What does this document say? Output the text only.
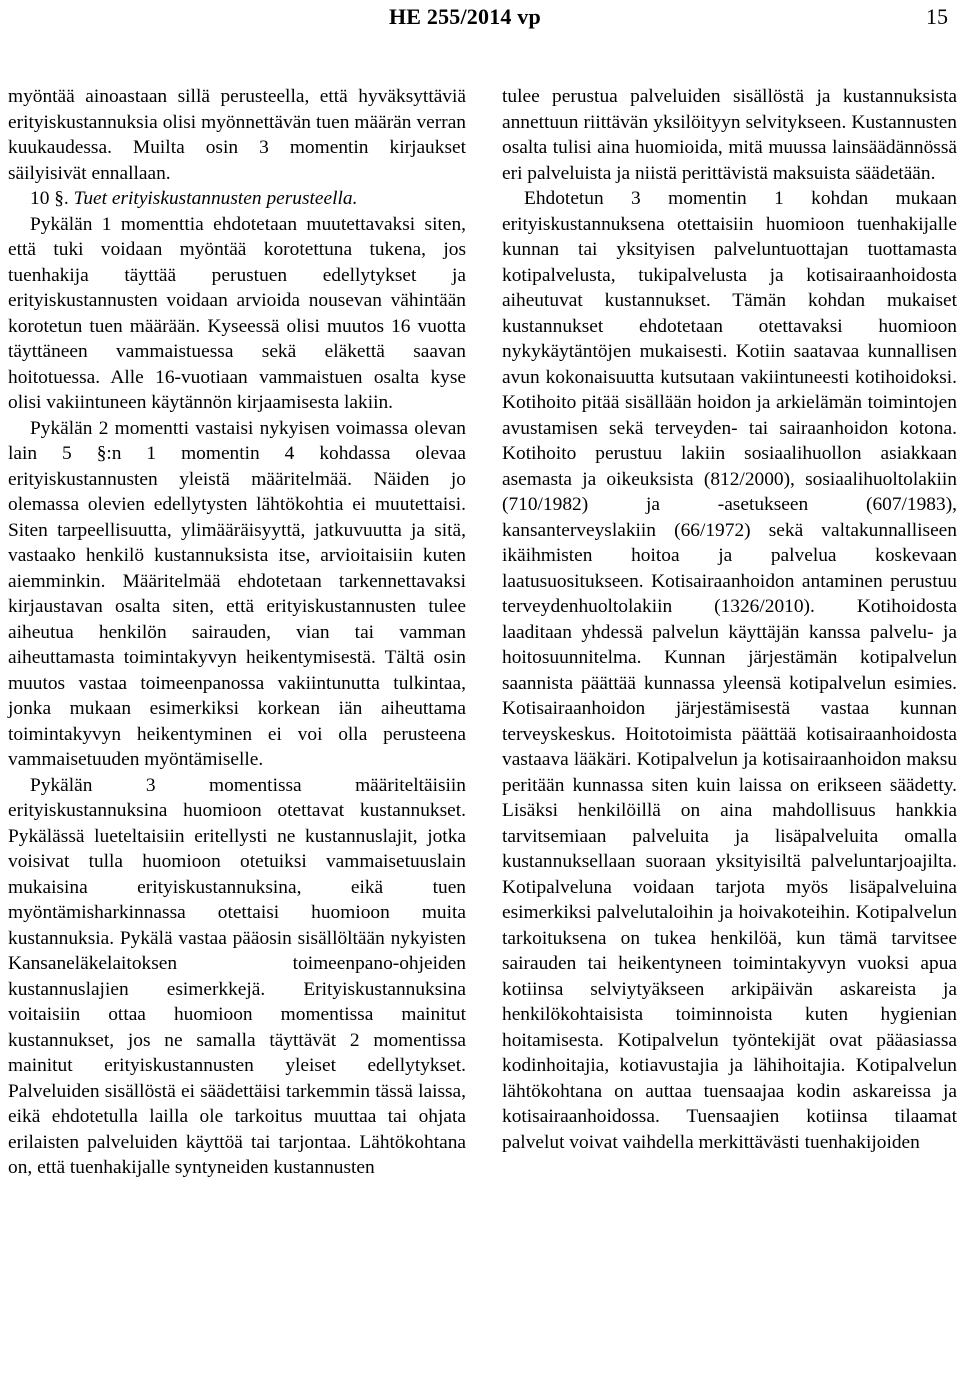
HE 255/2014 vp	15

myöntää ainoastaan sillä perusteella, että hyväksyttäviä erityiskustannuksia olisi myönnettävän tuen määrän verran kuukaudessa. Muilta osin 3 momentin kirjaukset säilyisivät ennallaan.

10 §. Tuet erityiskustannusten perusteella.

Pykälän 1 momenttia ehdotetaan muutettavaksi siten, että tuki voidaan myöntää korotettuna tukena, jos tuenhakija täyttää perustuen edellytykset ja erityiskustannusten voidaan arvioida nousevan vähintään korotetun tuen määrään. Kyseessä olisi muutos 16 vuotta täyttäneen vammaistuessa sekä eläkettä saavan hoitotuessa. Alle 16-vuotiaan vammaistuen osalta kyse olisi vakiintuneen käytännön kirjaamisesta lakiin.

Pykälän 2 momentti vastaisi nykyisen voimassa olevan lain 5 §:n 1 momentin 4 kohdassa olevaa erityiskustannusten yleistä määritelmää. Näiden jo olemassa olevien edellytysten lähtökohtia ei muutettaisi. Siten tarpeellisuutta, ylimääräisyyttä, jatkuvuutta ja sitä, vastaako henkilö kustannuksista itse, arvioitaisiin kuten aiemminkin. Määritelmää ehdotetaan tarkennettavaksi kirjaustavan osalta siten, että erityiskustannusten tulee aiheutua henkilön sairauden, vian tai vamman aiheuttamasta toimintakyvyn heikentymisestä. Tältä osin muutos vastaa toimeenpanossa vakiintunutta tulkintaa, jonka mukaan esimerkiksi korkean iän aiheuttama toimintakyvyn heikentyminen ei voi olla perusteena vammaisetuuden myöntämiselle.

Pykälän 3 momentissa määriteltäisiin erityiskustannuksina huomioon otettavat kustannukset. Pykälässä lueteltaisiin eritellysti ne kustannuslajit, jotka voisivat tulla huomioon otetuiksi vammaisetuuslain mukaisina erityiskustannuksina, eikä tuen myöntämisharkinnassa otettaisi huomioon muita kustannuksia. Pykälä vastaa pääosin sisällöltään nykyisten Kansaneläkelaitoksen toimeenpano-ohjeiden kustannuslajien esimerkkejä. Erityiskustannuksina voitaisiin ottaa huomioon momentissa mainitut kustannukset, jos ne samalla täyttävät 2 momentissa mainitut erityiskustannusten yleiset edellytykset. Palveluiden sisällöstä ei säädettäisi tarkemmin tässä laissa, eikä ehdotetulla lailla ole tarkoitus muuttaa tai ohjata erilaisten palveluiden käyttöä tai tarjontaa. Lähtökohtana on, että tuenhakijalle syntyneiden kustannusten

tulee perustua palveluiden sisällöstä ja kustannuksista annettuun riittävän yksilöityyn selvitykseen. Kustannusten osalta tulisi aina huomioida, mitä muussa lainsäädännössä eri palveluista ja niistä perittävistä maksuista säädetään.

Ehdotetun 3 momentin 1 kohdan mukaan erityiskustannuksena otettaisiin huomioon tuenhakijalle kunnan tai yksityisen palveluntuottajan tuottamasta kotipalvelusta, tukipalvelusta ja kotisairaanhoidosta aiheutuvat kustannukset. Tämän kohdan mukaiset kustannukset ehdotetaan otettavaksi huomioon nykykäytäntöjen mukaisesti. Kotiin saatavaa kunnallisen avun kokonaisuutta kutsutaan vakiintuneesti kotihoidoksi. Kotihoito pitää sisällään hoidon ja arkielämän toimintojen avustamisen sekä terveyden- tai sairaanhoidon kotona. Kotihoito perustuu lakiin sosiaalihuollon asiakkaan asemasta ja oikeuksista (812/2000), sosiaalihuoltolakiin (710/1982) ja -asetukseen (607/1983), kansanterveyslakiin (66/1972) sekä valtakunnalliseen ikäihmisten hoitoa ja palvelua koskevaan laatusuositukseen. Kotisairaanhoidon antaminen perustuu terveydenhuoltolakiin (1326/2010). Kotihoidosta laaditaan yhdessä palvelun käyttäjän kanssa palvelu- ja hoitosuunnitelma. Kunnan järjestämän kotipalvelun saannista päättää kunnassa yleensä kotipalvelun esimies. Kotisairaanhoidon järjestämisestä vastaa kunnan terveyskeskus. Hoitotoimista päättää kotisairaanhoidosta vastaava lääkäri. Kotipalvelun ja kotisairaanhoidon maksu peritään kunnassa siten kuin laissa on erikseen säädetty. Lisäksi henkilöillä on aina mahdollisuus hankkia tarvitsemiaan palveluita ja lisäpalveluita omalla kustannuksellaan suoraan yksityisiltä palveluntarjoajilta. Kotipalveluna voidaan tarjota myös lisäpalveluina esimerkiksi palvelutaloihin ja hoivakoteihin. Kotipalvelun tarkoituksena on tukea henkilöä, kun tämä tarvitsee sairauden tai heikentyneen toimintakyvyn vuoksi apua kotiinsa selviytyäkseen arkipäivän askareista ja henkilökohtaisista toiminnoista kuten hygienian hoitamisesta. Kotipalvelun työntekijät ovat pääasiassa kodinhoitajia, kotiavustajia ja lähihoitajia. Kotipalvelun lähtökohtana on auttaa tuensaajaa kodin askareissa ja kotisairaanhoidossa. Tuensaajien kotiinsa tilaamat palvelut voivat vaihdella merkittävästi tuenhakijoiden
